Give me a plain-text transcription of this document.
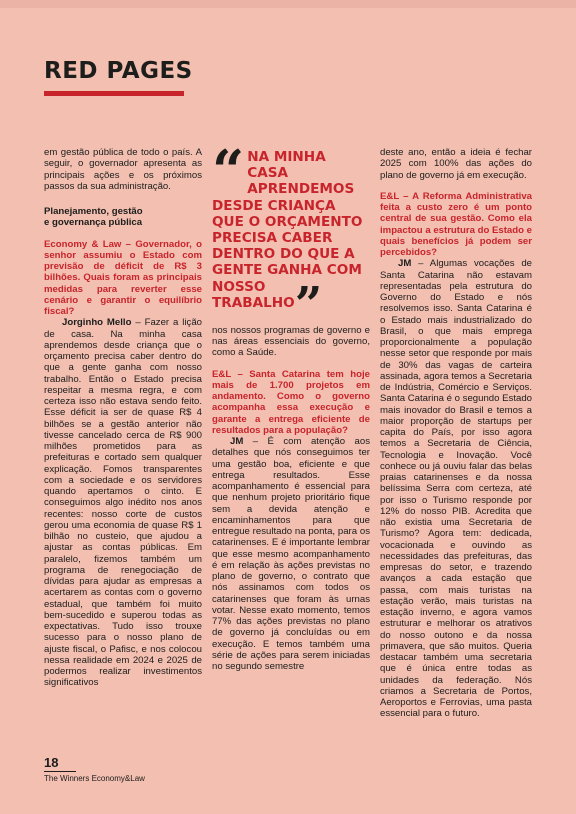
RED PAGES

em gestão pública de todo o país. A seguir, o governador apresenta as principais ações e os próximos passos da sua administração.

Planejamento, gestão
e governança pública

Economy & Law – Governador, o senhor assumiu o Estado com previsão de déficit de R$ 3 bilhões. Quais foram as principais medidas para reverter esse cenário e garantir o equilíbrio fiscal?

Jorginho Mello – Fazer a lição de casa. Na minha casa aprendemos desde criança que o orçamento precisa caber dentro do que a gente ganha com nosso trabalho. Então o Estado precisa respeitar a mesma regra, e com certeza isso não estava sendo feito. Esse déficit ia ser de quase R$ 4 bilhões se a gestão anterior não tivesse cancelado cerca de R$ 900 milhões prometidos para as prefeituras e cortado sem qualquer explicação. Fomos transparentes com a sociedade e os servidores quando apertamos o cinto. E conseguimos algo inédito nos anos recentes: nosso corte de custos gerou uma economia de quase R$ 1 bilhão no custeio, que ajudou a ajustar as contas públicas. Em paralelo, fizemos também um programa de renegociação de dívidas para ajudar as empresas a acertarem as contas com o governo estadual, que também foi muito bem-sucedido e superou todas as expectativas. Tudo isso trouxe sucesso para o nosso plano de ajuste fiscal, o Pafisc, e nos colocou nessa realidade em 2024 e 2025 de podermos realizar investimentos significativos

“ NA MINHA CASA APRENDEMOS DESDE CRIANÇA QUE O ORÇAMENTO PRECISA CABER DENTRO DO QUE A GENTE GANHA COM NOSSO TRABALHO”

nos nossos programas de governo e nas áreas essenciais do governo, como a Saúde.

E&L – Santa Catarina tem hoje mais de 1.700 projetos em andamento. Como o governo acompanha essa execução e garante a entrega eficiente de resultados para a população?

JM – É com atenção aos detalhes que nós conseguimos ter uma gestão boa, eficiente e que entrega resultados. Esse acompanhamento é essencial para que nenhum projeto prioritário fique sem a devida atenção e encaminhamentos para que entregue resultado na ponta, para os catarinenses. E é importante lembrar que esse mesmo acompanhamento é em relação às ações previstas no plano de governo, o contrato que nós assinamos com todos os catarinenses que foram às urnas votar. Nesse exato momento, temos 77% das ações previstas no plano de governo já concluídas ou em execução. E temos também uma série de ações para serem iniciadas no segundo semestre

deste ano, então a ideia é fechar 2025 com 100% das ações do plano de governo já em execução.

E&L – A Reforma Administrativa feita a custo zero é um ponto central de sua gestão. Como ela impactou a estrutura do Estado e quais benefícios já podem ser percebidos?

JM – Algumas vocações de Santa Catarina não estavam representadas pela estrutura do Governo do Estado e nós resolvemos isso. Santa Catarina é o Estado mais industrializado do Brasil, o que mais emprega proporcionalmente a população nesse setor que responde por mais de 30% das vagas de carteira assinada, agora temos a Secretaria de Indústria, Comércio e Serviços. Santa Catarina é o segundo Estado mais inovador do Brasil e temos a maior proporção de startups per capita do País, por isso agora temos a Secretaria de Ciência, Tecnologia e Inovação. Você conhece ou já ouviu falar das belas praias catarinenses e da nossa belíssima Serra com certeza, até por isso o Turismo responde por 12% do nosso PIB. Acredita que não existia uma Secretaria de Turismo? Agora tem: dedicada, vocacionada e ouvindo as necessidades das prefeituras, das empresas do setor, e trazendo avanços a cada estação que passa, com mais turistas na estação verão, mais turistas na estação inverno, e agora vamos estruturar e melhorar os atrativos do nosso outono e da nossa primavera, que são muitos. Queria destacar também uma secretaria que é única entre todas as unidades da federação. Nós criamos a Secretaria de Portos, Aeroportos e Ferrovias, uma pasta essencial para o futuro.

18
The Winners Economy&Law
